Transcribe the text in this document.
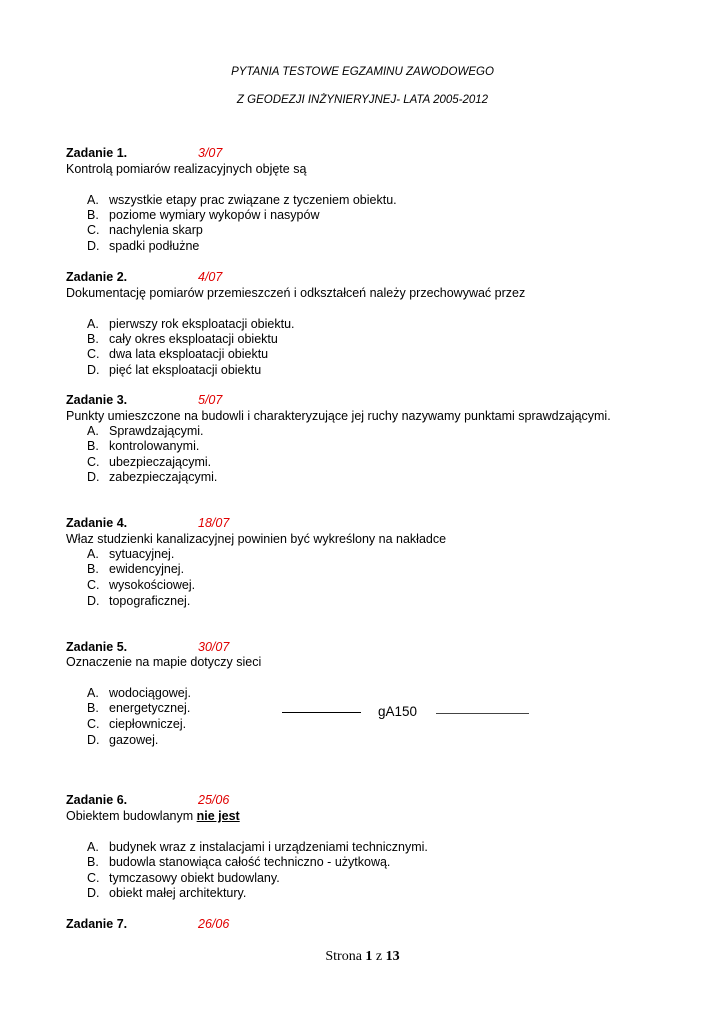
PYTANIA TESTOWE EGZAMINU ZAWODOWEGO
Z GEODEZJI INŻYNIERYJNEJ- LATA 2005-2012
Zadanie 1.	3/07
Kontrolą pomiarów realizacyjnych objęte są
A. wszystkie etapy prac związane z tyczeniem obiektu.
B. poziome wymiary wykopów i nasypów
C. nachylenia skarp
D. spadki podłużne
Zadanie 2.	4/07
Dokumentację pomiarów przemieszczeń i odkształceń należy przechowywać przez
A. pierwszy rok eksploatacji obiektu.
B. cały okres eksploatacji obiektu
C. dwa lata eksploatacji obiektu
D. pięć lat eksploatacji obiektu
Zadanie 3.	5/07
Punkty umieszczone na budowli i charakteryzujące jej ruchy nazywamy punktami sprawdzającymi.
A. Sprawdzającymi.
B. kontrolowanymi.
C. ubezpieczającymi.
D. zabezpieczającymi.
Zadanie 4.	18/07
Właz studzienki kanalizacyjnej powinien być wykreślony na nakładce
A. sytuacyjnej.
B. ewidencyjnej.
C. wysokościowej.
D. topograficznej.
Zadanie 5.	30/07
Oznaczenie na mapie dotyczy sieci
A. wodociągowej.
B. energetycznej.
C. ciepłowniczej.
D. gazowej.
gA150
Zadanie 6.	25/06
Obiektem budowlanym nie jest
A. budynek wraz z instalacjami i urządzeniami technicznymi.
B. budowla stanowiąca całość techniczno - użytkową.
C. tymczasowy obiekt budowlany.
D. obiekt małej architektury.
Zadanie 7.	26/06
Strona 1 z 13
